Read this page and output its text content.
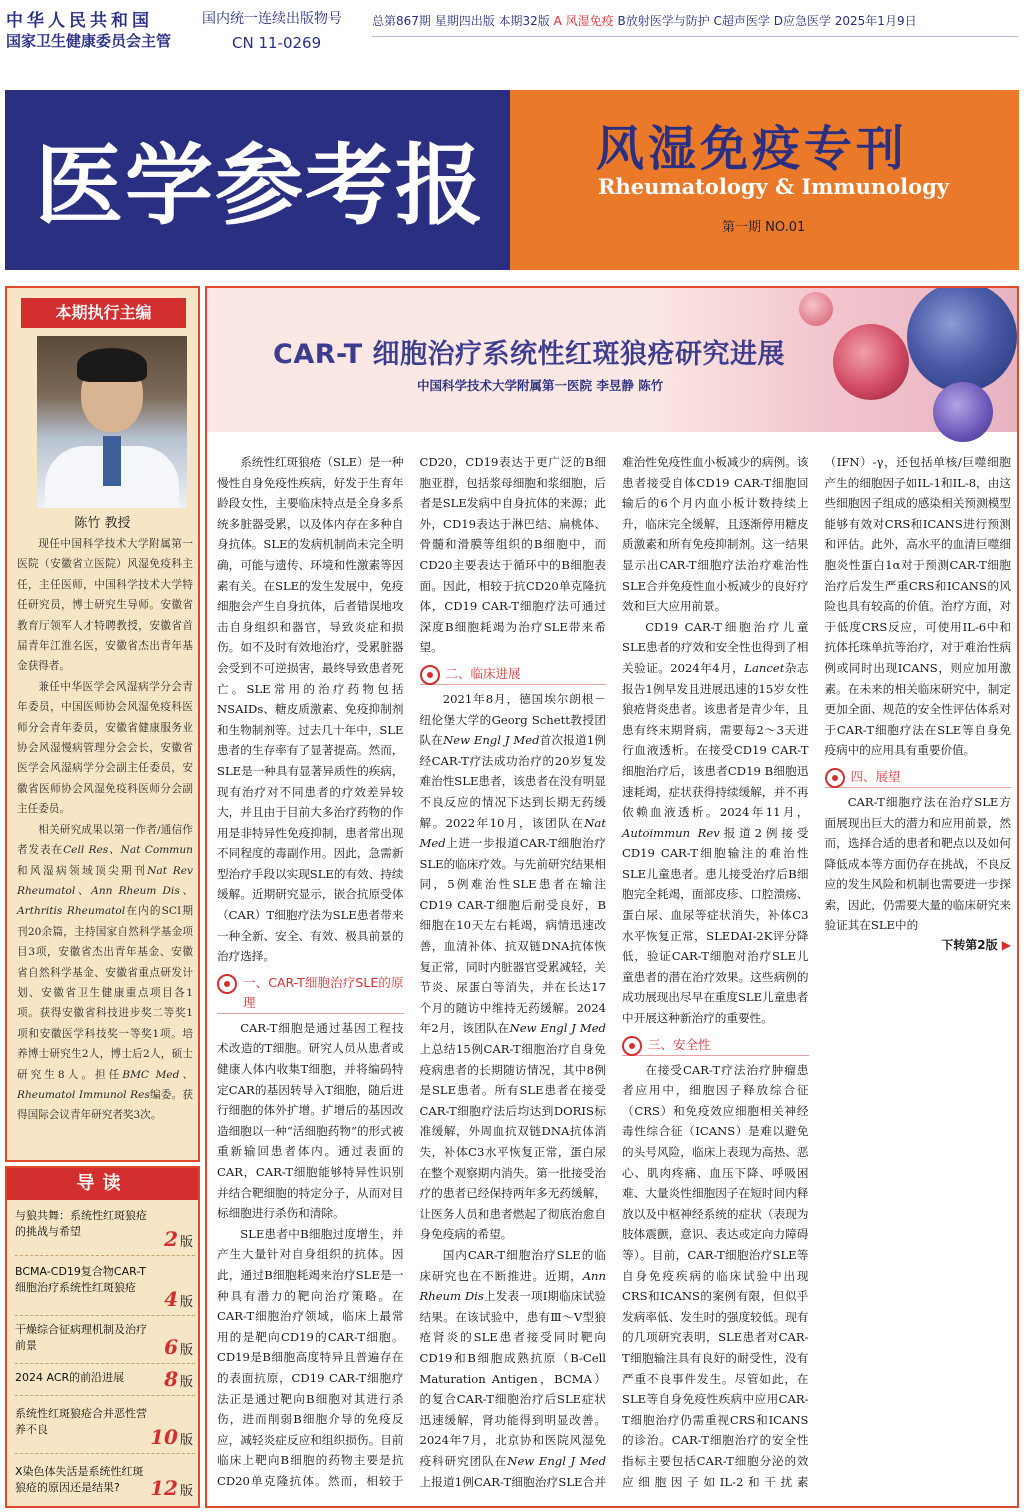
中华人民共和国
国家卫生健康委员会主管
国内统一连续出版物号
CN 11-0269
总第867期 星期四出版 本期32版 A 风湿免疫 B放射医学与防护 C超声医学 D应急医学 2025年1月9日
医学参考报 风湿免疫专刊
Rheumatology & Immunology
第一期 NO.01
本期执行主编
陈竹 教授

现任中国科学技术大学附属第一医院（安徽省立医院）风湿免疫科主任，主任医师，中国科学技术大学特任研究员，博士研究生导师。安徽省教育厅领军人才特聘教授，安徽省首届青年江淮名医，安徽省杰出青年基金获得者。

兼任中华医学会风湿病学分会青年委员，中国医师协会风湿免疫科医师分会青年委员，安徽省健康服务业协会风湿慢病管理分会会长，安徽省医学会风湿病学分会副主任委员，安徽省医师协会风湿免疫科医师分会副主任委员。

相关研究成果以第一作者/通信作者发表在Cell Res、Nat Commun和风湿病领域顶尖期刊Nat Rev Rheumatol、Ann Rheum Dis、Arthritis Rheumatol在内的SCI期刊20余篇，主持国家自然科学基金项目3项，安徽省杰出青年基金、安徽省自然科学基金、安徽省重点研发计划、安徽省卫生健康重点项目各1项。获得安徽省科技进步奖二等奖1项和安徽医学科技奖一等奖1项。培养博士研究生2人，博士后2人，硕士研究生8人。担任BMC Med、Rheumatol Immunol Res编委。获得国际会议青年研究者奖3次。

导读
与狼共舞：系统性红斑狼疮的挑战与希望	2 版
BCMA-CD19复合物CAR-T细胞治疗系统性红斑狼疮 4 版
干燥综合征病理机制及治疗前景	6 版
2024 ACR的前沿进展 8 版
系统性红斑狼疮合并恶性营养不良	10 版
X染色体失活是系统性红斑狼疮的原因还是结果? 12 版
CAR-T 细胞治疗系统性红斑狼疮研究进展
中国科学技术大学附属第一医院 李昱静 陈竹

系统性红斑狼疮（SLE）是一种慢性自身免疫性疾病，好发于生育年龄段女性，主要临床特点是全身多系统多脏器受累，以及体内存在多种自身抗体。SLE的发病机制尚未完全明确，可能与遗传、环境和性激素等因素有关。在SLE的发生发展中，免疫细胞会产生自身抗体，后者错误地攻击自身组织和器官，导致炎症和损伤。如不及时有效地治疗，受累脏器会受到不可逆损害，最终导致患者死亡。SLE常用的治疗药物包括NSAIDs、糖皮质激素、免疫抑制剂和生物制剂等。过去几十年中，SLE患者的生存率有了显著提高。然而，SLE是一种具有显著异质性的疾病，现有治疗对不同患者的疗效差异较大，并且由于目前大多治疗药物的作用是非特异性免疫抑制，患者常出现不同程度的毒副作用。因此，急需新型治疗手段以实现SLE的有效、持续缓解。近期研究显示，嵌合抗原受体（CAR）T细胞疗法为SLE患者带来一种全新、安全、有效、极具前景的治疗选择。

一、CAR-T细胞治疗SLE的原理

CAR-T细胞是通过基因工程技术改造的T细胞。研究人员从患者或健康人体内收集T细胞，并将编码特定CAR的基因转导入T细胞，随后进行细胞的体外扩增。扩增后的基因改造细胞以一种“活细胞药物”的形式被重新输回患者体内。通过表面的CAR，CAR-T细胞能够特异性识别并结合靶细胞的特定分子，从而对目标细胞进行杀伤和清除。

SLE患者中B细胞过度增生，并产生大量针对自身组织的抗体。因此，通过B细胞耗竭来治疗SLE是一种具有潜力的靶向治疗策略。在CAR-T细胞治疗领域，临床上最常用的是靶向CD19的CAR-T细胞。CD19是B细胞高度特异且普遍存在的表面抗原，CD19 CAR-T细胞疗法正是通过靶向B细胞对其进行杀伤，进而削弱B细胞介导的免疫反应，减轻炎症反应和组织损伤。目前临床上靶向B细胞的药物主要是抗CD20单克隆抗体。然而，相较于CD20，CD19表达于更广泛的B细胞亚群，包括浆母细胞和浆细胞，后者是SLE发病中自身抗体的来源；此外，CD19表达于淋巴结、扁桃体、骨髓和滑膜等组织的B细胞中，而CD20主要表达于循环中的B细胞表面。因此，相较于抗CD20单克隆抗体，CD19 CAR-T细胞疗法可通过深度B细胞耗竭为治疗SLE带来希望。

二、临床进展

2021年8月，德国埃尔朗根－纽伦堡大学的Georg Schett教授团队在New Engl J Med首次报道1例经CAR-T疗法成功治疗的20岁复发难治性SLE患者，该患者在没有明显不良反应的情况下达到长期无药缓解。2022年10月，该团队在Nat Med上进一步报道CAR-T细胞治疗SLE的临床疗效。与先前研究结果相同，5例难治性SLE患者在输注CD19 CAR-T细胞后耐受良好，B细胞在10天左右耗竭，病情迅速改善，血清补体、抗双链DNA抗体恢复正常，同时内脏器官受累减轻，关节炎、尿蛋白等消失，并在长达17个月的随访中维持无药缓解。2024年2月，该团队在New Engl J Med上总结15例CAR-T细胞治疗自身免疫病患者的长期随访情况，其中8例是SLE患者。所有SLE患者在接受CAR-T细胞疗法后均达到DORIS标准缓解，外周血抗双链DNA抗体消失，补体C3水平恢复正常，蛋白尿在整个观察期内消失。第一批接受治疗的患者已经保持两年多无药缓解，让医务人员和患者燃起了彻底治愈自身免疫病的希望。

国内CAR-T细胞治疗SLE的临床研究也在不断推进。近期，Ann Rheum Dis上发表一项Ⅰ期临床试验结果。在该试验中，患有Ⅲ～Ⅴ型狼疮肾炎的SLE患者接受同时靶向CD19和B细胞成熟抗原（B-Cell Maturation Antigen，BCMA）的复合CAR-T细胞治疗后SLE症状迅速缓解，肾功能得到明显改善。2024年7月，北京协和医院风湿免疫科研究团队在New Engl J Med上报道1例CAR-T细胞治疗SLE合并难治性免疫性血小板减少的病例。该患者接受自体CD19 CAR-T细胞回输后的6个月内血小板计数持续上升，临床完全缓解，且逐渐停用糖皮质激素和所有免疫抑制剂。这一结果显示出CAR-T细胞疗法治疗难治性SLE合并免疫性血小板减少的良好疗效和巨大应用前景。

CD19 CAR-T细胞治疗儿童SLE患者的疗效和安全性也得到了相关验证。2024年4月，Lancet杂志报告1例早发且进展迅速的15岁女性狼疮肾炎患者。该患者是青少年，且患有终末期肾病，需要每2～3天进行血液透析。在接受CD19 CAR-T细胞治疗后，该患者CD19 B细胞迅速耗竭，症状获得持续缓解，并不再依赖血液透析。2024年11月，Autoimmun Rev报道2例接受CD19 CAR-T细胞输注的难治性SLE儿童患者。患儿接受治疗后B细胞完全耗竭，面部皮疹、口腔溃疡、蛋白尿、血尿等症状消失，补体C3水平恢复正常，SLEDAI-2K评分降低，验证CAR-T细胞对治疗SLE儿童患者的潜在治疗效果。这些病例的成功展现出尽早在重度SLE儿童患者中开展这种新治疗的重要性。

三、安全性

在接受CAR-T疗法治疗肿瘤患者应用中，细胞因子释放综合征（CRS）和免疫效应细胞相关神经毒性综合征（ICANS）是难以避免的头号风险，临床上表现为高热、恶心、肌肉疼痛、血压下降、呼吸困难、大量炎性细胞因子在短时间内释放以及中枢神经系统的症状（表现为肢体震颤，意识、表达或定向力障碍等）。目前，CAR-T细胞治疗SLE等自身免疫疾病的临床试验中出现CRS和ICANS的案例有限，但似乎发病率低、发生时的强度较低。现有的几项研究表明，SLE患者对CAR-T细胞输注具有良好的耐受性，没有严重不良事件发生。尽管如此，在SLE等自身免疫性疾病中应用CAR-T细胞治疗仍需重视CRS和ICANS的诊治。CAR-T细胞治疗的安全性指标主要包括CAR-T细胞分泌的效应细胞因子如IL-2和干扰素（IFN）-γ，还包括单核/巨噬细胞产生的细胞因子如IL-1和IL-8，由这些细胞因子组成的感染相关预测模型能够有效对CRS和ICANS进行预测和评估。此外，高水平的血清巨噬细胞炎性蛋白1α对于预测CAR-T细胞治疗后发生严重CRS和ICANS的风险也具有较高的价值。治疗方面，对于低度CRS反应，可使用IL-6中和抗体托珠单抗等治疗，对于难治性病例或同时出现ICANS，则应加用激素。在未来的相关临床研究中，制定更加全面、规范的安全性评估体系对于CAR-T细胞疗法在SLE等自身免疫病中的应用具有重要价值。

四、展望

CAR-T细胞疗法在治疗SLE方面展现出巨大的潜力和应用前景，然而，选择合适的患者和靶点以及如何降低成本等方面仍存在挑战，不良反应的发生风险和机制也需要进一步探索，因此，仍需要大量的临床研究来验证其在SLE中的

下转第2版 ▶
